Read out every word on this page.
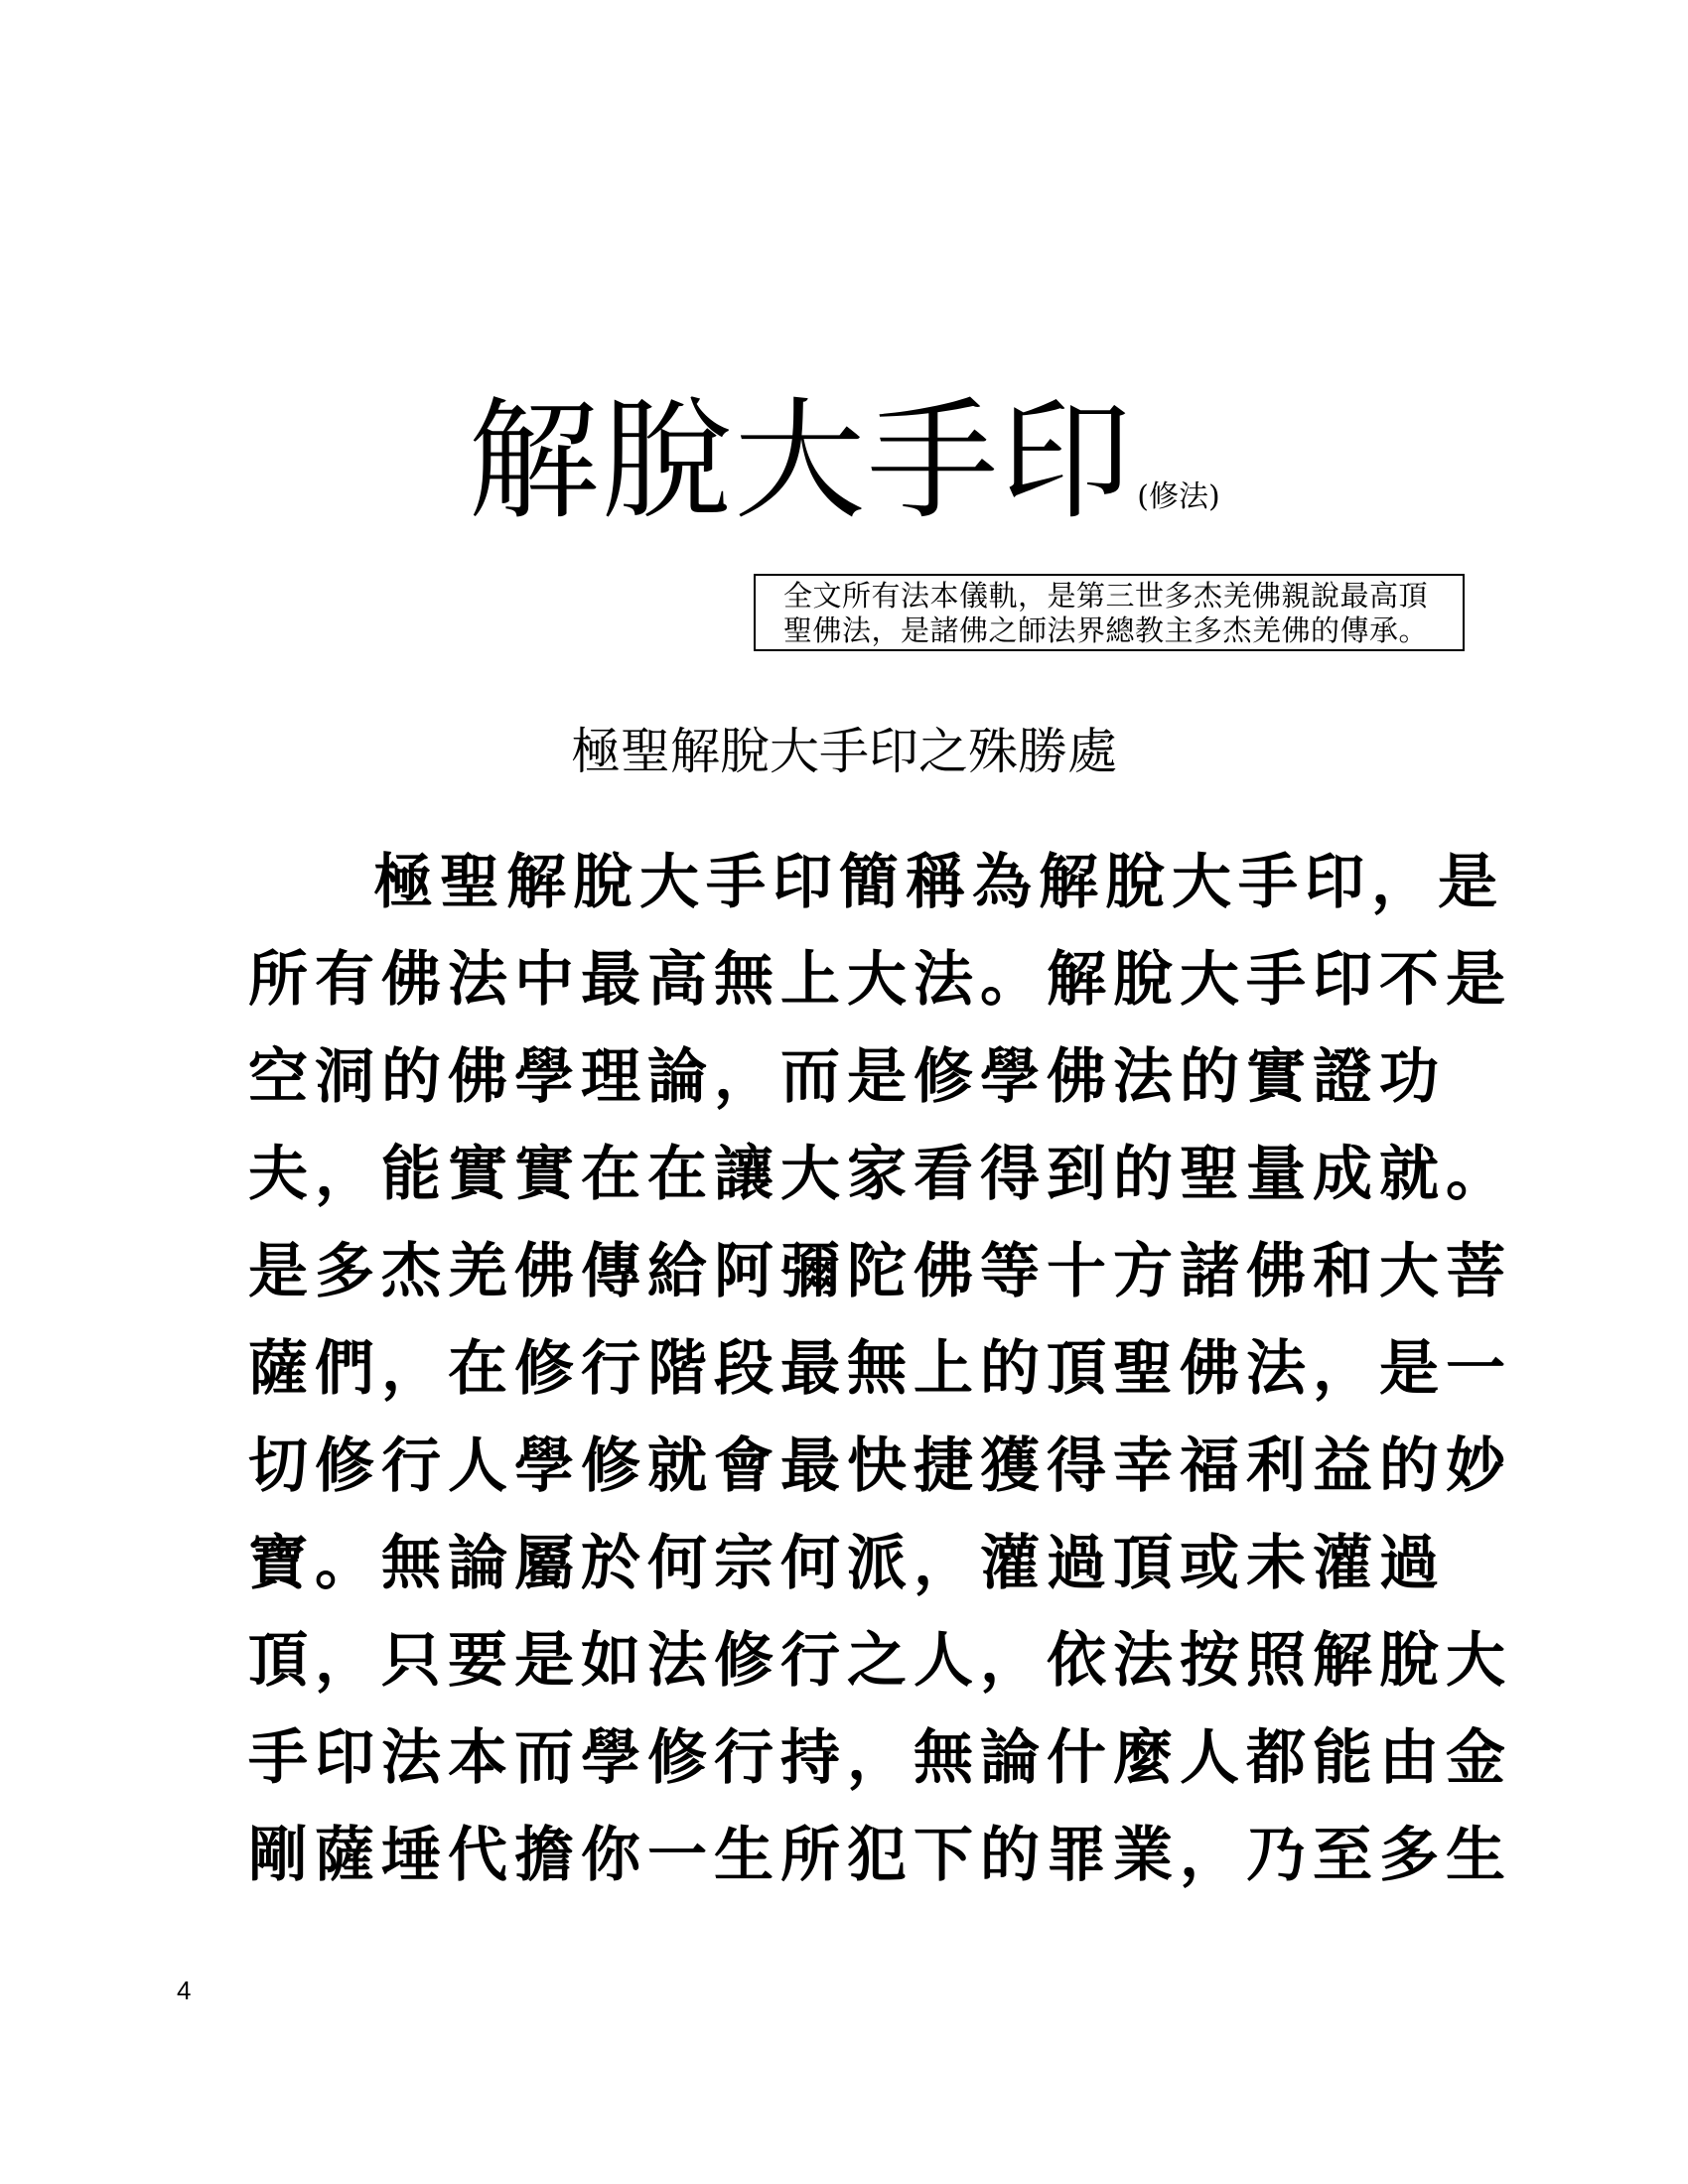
解脫大手印 (修法)
全文所有法本儀軌，是第三世多杰羌佛親說最高頂
聖佛法，是諸佛之師法界總教主多杰羌佛的傳承。
極聖解脫大手印之殊勝處
極聖解脫大手印簡稱為解脫大手印，是
所有佛法中最高無上大法。解脫大手印不是
空洞的佛學理論，而是修學佛法的實證功
夫，能實實在在讓大家看得到的聖量成就。
是多杰羌佛傳給阿彌陀佛等十方諸佛和大菩
薩們，在修行階段最無上的頂聖佛法，是一
切修行人學修就會最快捷獲得幸福利益的妙
寶。無論屬於何宗何派，灌過頂或未灌過
頂，只要是如法修行之人，依法按照解脫大
手印法本而學修行持，無論什麼人都能由金
剛薩埵代擔你一生所犯下的罪業，乃至多生
4
